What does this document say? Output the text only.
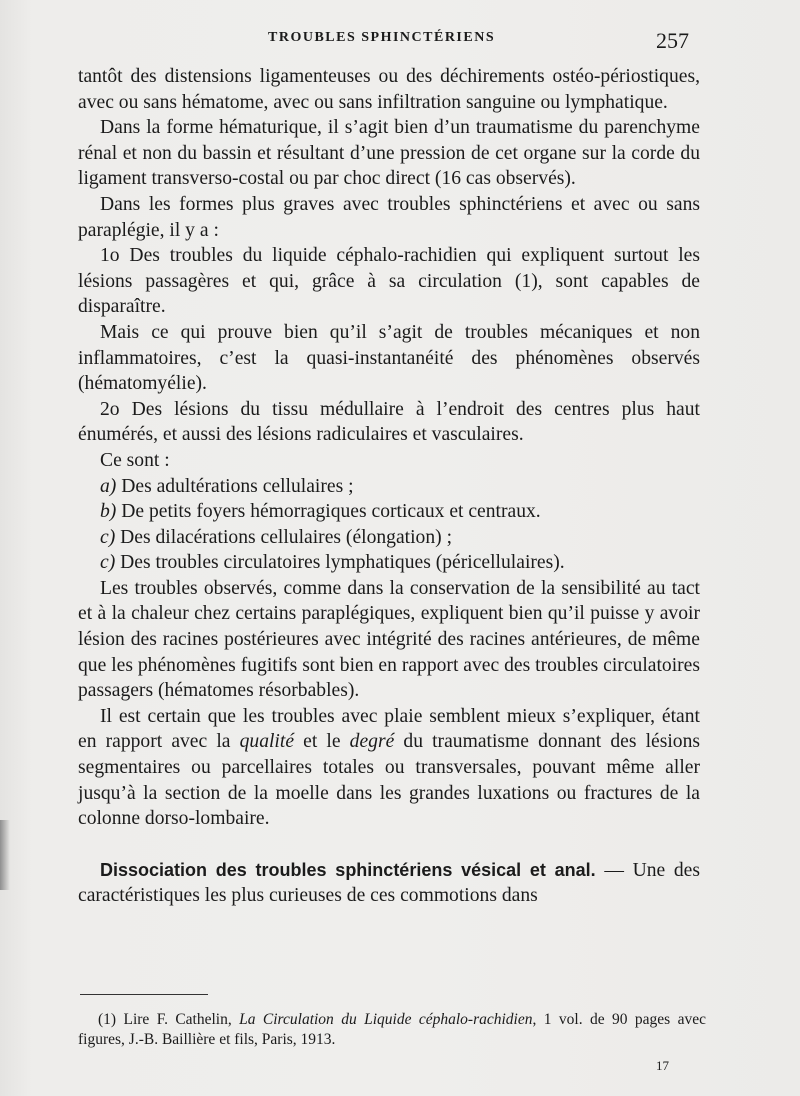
TROUBLES SPHINCTÉRIENS	257

tantôt des distensions ligamenteuses ou des déchirements ostéo-périostiques, avec ou sans hématome, avec ou sans infiltration sanguine ou lymphatique.

Dans la forme hématurique, il s’agit bien d’un traumatisme du parenchyme rénal et non du bassin et résultant d’une pression de cet organe sur la corde du ligament transverso-costal ou par choc direct (16 cas observés).

Dans les formes plus graves avec troubles sphinctériens et avec ou sans paraplégie, il y a :

1o Des troubles du liquide céphalo-rachidien qui expliquent surtout les lésions passagères et qui, grâce à sa circulation (1), sont capables de disparaître.

Mais ce qui prouve bien qu’il s’agit de troubles mécaniques et non inflammatoires, c’est la quasi-instantanéité des phénomènes observés (hématomyélie).

2o Des lésions du tissu médullaire à l’endroit des centres plus haut énumérés, et aussi des lésions radiculaires et vasculaires.

Ce sont :

a) Des adultérations cellulaires ;

b) De petits foyers hémorragiques corticaux et centraux.

c) Des dilacérations cellulaires (élongation) ;

c) Des troubles circulatoires lymphatiques (péricellulaires).

Les troubles observés, comme dans la conservation de la sensibilité au tact et à la chaleur chez certains paraplégiques, expliquent bien qu’il puisse y avoir lésion des racines postérieures avec intégrité des racines antérieures, de même que les phénomènes fugitifs sont bien en rapport avec des troubles circulatoires passagers (hématomes résorbables).

Il est certain que les troubles avec plaie semblent mieux s’expliquer, étant en rapport avec la qualité et le degré du traumatisme donnant des lésions segmentaires ou parcellaires totales ou transversales, pouvant même aller jusqu’à la section de la moelle dans les grandes luxations ou fractures de la colonne dorso-lombaire.

Dissociation des troubles sphinctériens vésical et anal. — Une des caractéristiques les plus curieuses de ces commotions dans

(1) Lire F. Cathelin, La Circulation du Liquide céphalo-rachidien, 1 vol. de 90 pages avec figures, J.-B. Baillière et fils, Paris, 1913.

17
